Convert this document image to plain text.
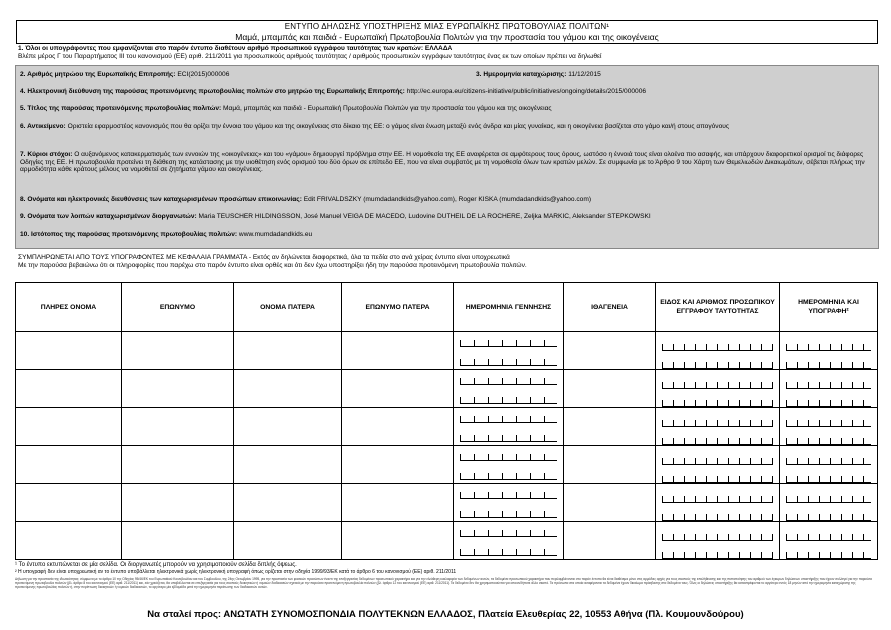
ΕΝΤΥΠΟ ΔΗΛΩΣΗΣ ΥΠΟΣΤΗΡΙΞΗΣ ΜΙΑΣ ΕΥΡΩΠΑΪΚΗΣ ΠΡΩΤΟΒΟΥΛΙΑΣ ΠΟΛΙΤΩΝ¹
Μαμά, μπαμπάς και παιδιά - Ευρωπαϊκή Πρωτοβουλία Πολιτών για την προστασία του γάμου και της οικογένειας
1. Όλοι οι υπογράφοντες που εμφανίζονται στο παρόν έντυπο διαθέτουν αριθμό προσωπικού εγγράφου ταυτότητας των κρατών: ΕΛΛΑΔΑ
Βλέπε μέρος Γ του Παραρτήματος III του κανονισμού (ΕΕ) αριθ. 211/2011 για προσωπικούς αριθμούς ταυτότητας / αριθμούς προσωπικών εγγράφων ταυτότητας ένας εκ των οποίων πρέπει να δηλωθεί
2. Αριθμός μητρώου της Ευρωπαϊκής Επιτροπής: ECI(2015)000006	3. Ημερομηνία καταχώρισης: 11/12/2015
4. Ηλεκτρονική διεύθυνση της παρούσας προτεινόμενης πρωτοβουλίας πολιτών στο μητρώο της Ευρωπαϊκής Επιτροπής: http://ec.europa.eu/citizens-initiative/public/initiatives/ongoing/details/2015/000006
5. Τίτλος της παρούσας προτεινόμενης πρωτοβουλίας πολιτών: Μαμά, μπαμπάς και παιδιά - Ευρωπαϊκή Πρωτοβουλία Πολιτών για την προστασία του γάμου και της οικογένειας
6. Αντικείμενο: Οριστεία εφαρμοστέος κανονισμός που θα ορίζει την έννοια του γάμου και της οικογένειας στο δίκαιο της ΕΕ: ο γάμος είναι ένωση μεταξύ ενός άνδρα και μίας γυναίκας, και η οικογένεια βασίζεται στο γάμο και/ή στους απογόνους
7. Κύριοι στόχοι: Ο αυξανόμενος κατακερματισμός των εννοιών της «οικογένειας» και του «γάμου» δημιουργεί πρόβλημα στην ΕΕ. Η νομοθεσία της ΕΕ αναφέρεται σε αμφότερους τους όρους, ωστόσο η έννοιά τους είναι ολοένα πιο ασαφής, και υπάρχουν διαφορετικοί ορισμοί τις διάφορες Οδηγίες της ΕΕ. Η πρωτοβουλία προτείνει τη διάθεση της κατάστασης με την υιοθέτηση ενός ορισμού του δύο όρων σε επίπεδο ΕΕ, που να είναι συμβατός με τη νομοθεσία όλων των κρατών μελών. Σε συμφωνία με το Άρθρο 9 του Χάρτη των Θεμελιωδών Δικαιωμάτων, σέβεται πλήρως την αρμοδιότητα κάθε κράτους μέλους να νομοθετεί σε ζητήματα γάμου και οικογένειας.
8. Ονόματα και ηλεκτρονικές διευθύνσεις των καταχωρισμένων προσώπων επικοινωνίας: Edit FRIVALDSZKY (mumdadandkids@yahoo.com), Roger KISKA (mumdadandkids@yahoo.com)
9. Ονόματα των λοιπών καταχωρισμένων διοργανωτών: Maria TEUSCHER HILDINGSSON, José Manuel VEIGA DE MACEDO, Ludovine DUTHEIL DE LA ROCHERE, Zeljka MARKIC, Aleksander STEPKOWSKI
10. Ιστότοπος της παρούσας προτεινόμενης πρωτοβουλίας πολιτών: www.mumdadandkids.eu
ΣΥΜΠΛΗΡΩΝΕΤΑΙ ΑΠΟ ΤΟΥΣ ΥΠΟΓΡΑΦΟΝΤΕΣ ΜΕ ΚΕΦΑΛΑΙΑ ΓΡΑΜΜΑΤΑ - Εκτός αν δηλώνεται διαφορετικά, όλα τα πεδία στο ανά χείρας έντυπο είναι υποχρεωτικά
Με την παρούσα βεβαιώνω ότι οι πληροφορίες που παρέχω στο παρόν έντυπο είναι ορθές και ότι δεν έχω υποστηρίξει ήδη την παρούσα προτεινόμενη πρωτοβουλία πολιτών.
ΠΛΗΡΕΣ ΟΝΟΜΑ	ΕΠΩΝΥΜΟ	ΟΝΟΜΑ ΠΑΤΕΡΑ	ΕΠΩΝΥΜΟ ΠΑΤΕΡΑ	ΗΜΕΡΟΜΗΝΙΑ ΓΕΝΝΗΣΗΣ	ΙΘΑΓΕΝΕΙΑ	ΕΙΔΟΣ ΚΑΙ ΑΡΙΘΜΟΣ ΠΡΟΣΩΠΙΚΟΥ ΕΓΓΡΑΦΟΥ ΤΑΥΤΟΤΗΤΑΣ	ΗΜΕΡΟΜΗΝΙΑ ΚΑΙ ΥΠΟΓΡΑΦΗ²

¹ Το έντυπο εκτυπώνεται σε μία σελίδα. Οι διοργανωτές μπορούν να χρησιμοποιούν σελίδα διπλής όψεως.
² Η υπογραφή δεν είναι υποχρεωτική αν το έντυπο υποβάλλεται ηλεκτρονικά χωρίς ηλεκτρονική υπογραφή όπως ορίζεται στην οδηγία 1999/93/ΕΚ κατά το άρθρο 6 του κανονισμού (ΕΕ) αριθ. 211/2011
Δήλωση για την προστασία της ιδιωτικότητας: σύμφωνα με το άρθρο 10 της Οδηγίας 95/46/ΕΚ του Ευρωπαϊκού Κοινοβουλίου και του Συμβουλίου, της 24ης Οκτωβρίου 1995, για την προστασία των φυσικών προσώπων έναντι της επεξεργασίας δεδομένων προσωπικού χαρακτήρα και για την ελεύθερη κυκλοφορία των δεδομένων αυτών, τα δεδομένα προσωπικού χαρακτήρα που περιλαμβάνονται στο παρόν έντυπο θα είναι διαθέσιμα μόνο στις αρμόδιες αρχές για τους σκοπούς της επαλήθευσης και της πιστοποίησης του αριθμού των έγκυρων δηλώσεων υποστήριξης που έχουν συλλεγεί για την παρούσα προτεινόμενη πρωτοβουλία πολιτών (βλ. άρθρο 8 του κανονισμού (ΕΕ) αριθ. 211/2011) και, εάν χρειάζεται, θα υποβάλλονται σε επεξεργασία για τους σκοπούς διοικητικών ή νομικών διαδικασιών σχετικά με την παρούσα προτεινόμενη πρωτοβουλία πολιτών (βλ. άρθρο 12 του κανονισμού (ΕΕ) αριθ. 211/2011). Τα δεδομένα δεν θα χρησιμοποιούνται για οποιονδήποτε άλλο σκοπό. Τα πρόσωπα στα οποία αναφέρονται τα δεδομένα έχουν δικαίωμα πρόσβασης στα δεδομένα τους. Όλες οι δηλώσεις υποστήριξης θα καταστρέφονται το αργότερο εντός 18 μηνών από την ημερομηνία καταχώρισης της προτεινόμενης πρωτοβουλίας πολιτών ή, στην περίπτωση διοικητικών ή νομικών διαδικασιών, το αργότερο μία εβδομάδα μετά την ημερομηνία περάτωσης των διαδικασιών αυτών.
Να σταλεί προς: ΑΝΩΤΑΤΗ ΣΥΝΟΜΟΣΠΟΝΔΙΑ ΠΟΛΥΤΕΚΝΩΝ ΕΛΛΑΔΟΣ, Πλατεία Ελευθερίας 22, 10553 Αθήνα (Πλ. Κουμουνδούρου)
